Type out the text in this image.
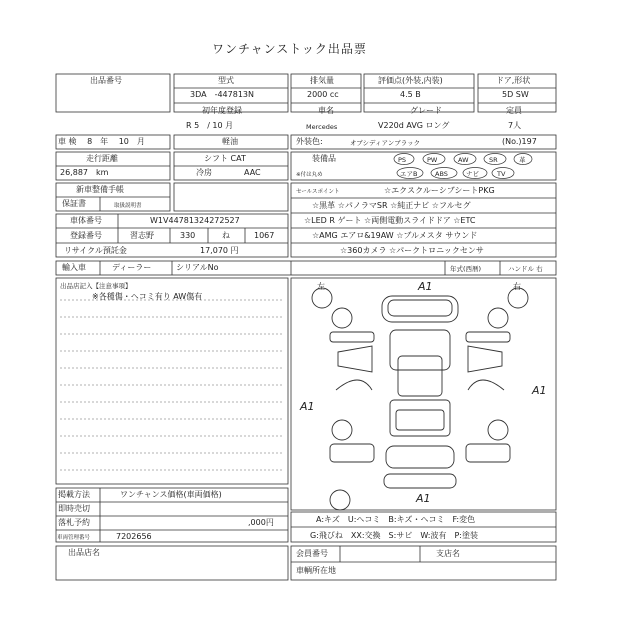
ワンチャンストック出品票
出品番号	型式
3DA　-447813N
排気量
2000 cc
評価点(外装,内装)
4.5 B
ドア,形状
5D SW
初年度登録
R 5　/ 10 月
車名
Mercedes
グレード
V220d AVG ロング
定員
7人
車 検　 8　年　 10　月	軽油	外装色:	オブシディアンブラック	(No.)197
走行距離
26,887　km
シフト CAT
冷房	AAC
装備品
※付は丸め
PS	PW	AW	SR	革
エアB	ABS	ナビ	TV
新車整備手帳
保証書	取扱説明書
セールスポイント	☆エクスクルーシブシートPKG
☆黒革 ☆パノラマSR ☆純正ナビ ☆フルセグ
☆LED R ゲート ☆両側電動スライドドア ☆ETC
☆AMG エアロ&19AW ☆ブルメスタ サウンド
☆360カメラ ☆パークトロニックセンサ
車体番号	W1V44781324272527
登録番号	習志野	330	ね	1067
リサイクル預託金	17,070 円
輸入車	ディーラー	シリアルNo	年式(西暦)	ハンドル 右
出品店記入【注意事項】
※各種傷・ヘコミ有り AW傷有
左	右
A1
A1
A1
A1
掲載方法	ワンチャンス価格(車両価格)
即時売切
落札予約	,000円
車両管理番号	7202656
A:キズ　U:ヘコミ　B:キズ・ヘコミ　F:変色
G:飛びね　XX:交換　S:サビ　W:波有　P:塗装
出品店名	会員番号	支店名
車輌所在地
